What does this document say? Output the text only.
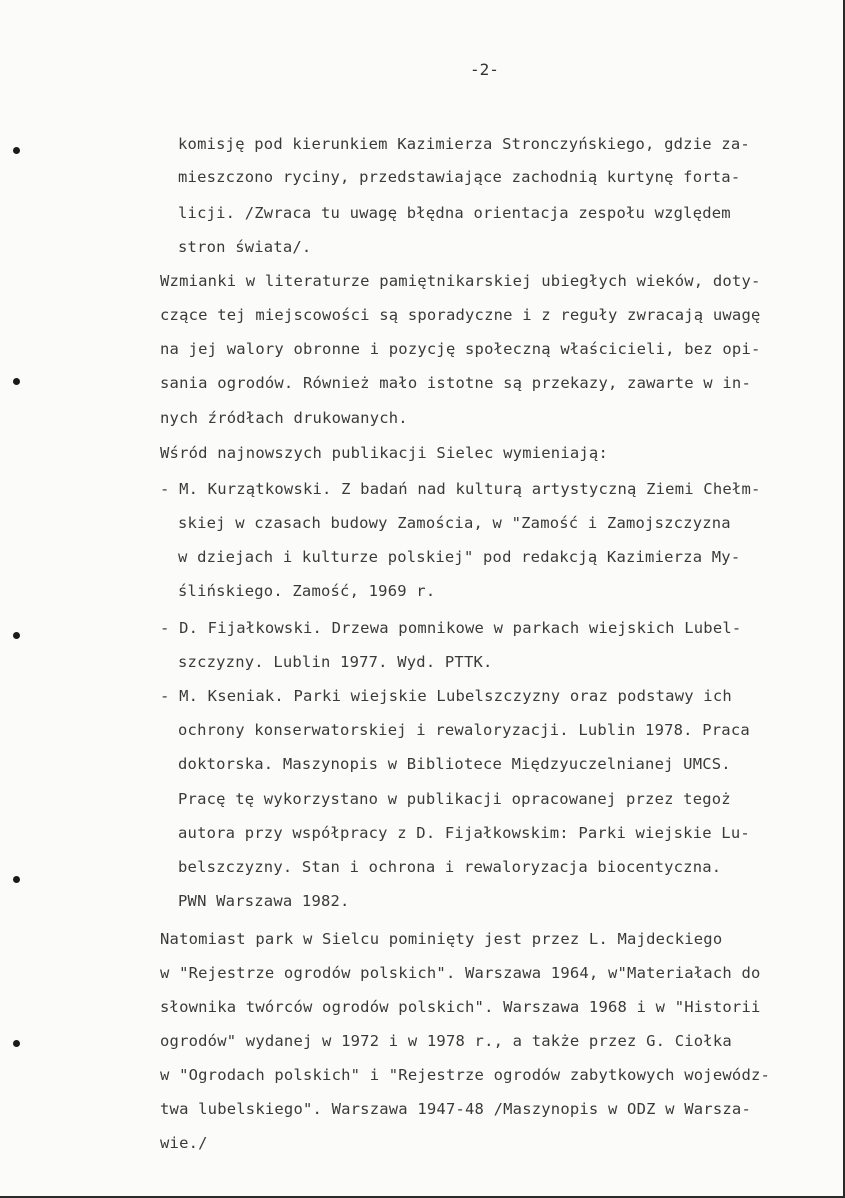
-2-
komisję pod kierunkiem Kazimierza Stronczyńskiego, gdzie za-
mieszczono ryciny, przedstawiające zachodnią kurtynę forta-
licji. /Zwraca tu uwagę błędna orientacja zespołu względem
stron świata/.
Wzmianki w literaturze pamiętnikarskiej ubiegłych wieków, doty-
czące tej miejscowości są sporadyczne i z reguły zwracają uwagę
na jej walory obronne i pozycję społeczną właścicieli, bez opi-
sania ogrodów. Również mało istotne są przekazy, zawarte w in-
nych źródłach drukowanych.
Wśród najnowszych publikacji Sielec wymieniają:
- M. Kurzątkowski. Z badań nad kulturą artystyczną Ziemi Chełm-
skiej w czasach budowy Zamościa, w "Zamość i Zamojszczyzna
w dziejach i kulturze polskiej" pod redakcją Kazimierza My-
ślińskiego. Zamość, 1969 r.
- D. Fijałkowski. Drzewa pomnikowe w parkach wiejskich Lubel-
szczyzny. Lublin 1977. Wyd. PTTK.
- M. Kseniak. Parki wiejskie Lubelszczyzny oraz podstawy ich
ochrony konserwatorskiej i rewaloryzacji. Lublin 1978. Praca
doktorska. Maszynopis w Bibliotece Międzyuczelnianej UMCS.
Pracę tę wykorzystano w publikacji opracowanej przez tegoż
autora przy współpracy z D. Fijałkowskim: Parki wiejskie Lu-
belszczyzny. Stan i ochrona i rewaloryzacja biocentyczna.
PWN Warszawa 1982.
Natomiast park w Sielcu pominięty jest przez L. Majdeckiego
w "Rejestrze ogrodów polskich". Warszawa 1964, w"Materiałach do
słownika twórców ogrodów polskich". Warszawa 1968 i w "Historii
ogrodów" wydanej w 1972 i w 1978 r., a także przez G. Ciołka
w "Ogrodach polskich" i "Rejestrze ogrodów zabytkowych wojewódz-
twa lubelskiego". Warszawa 1947-48 /Maszynopis w ODZ w Warsza-
wie./
